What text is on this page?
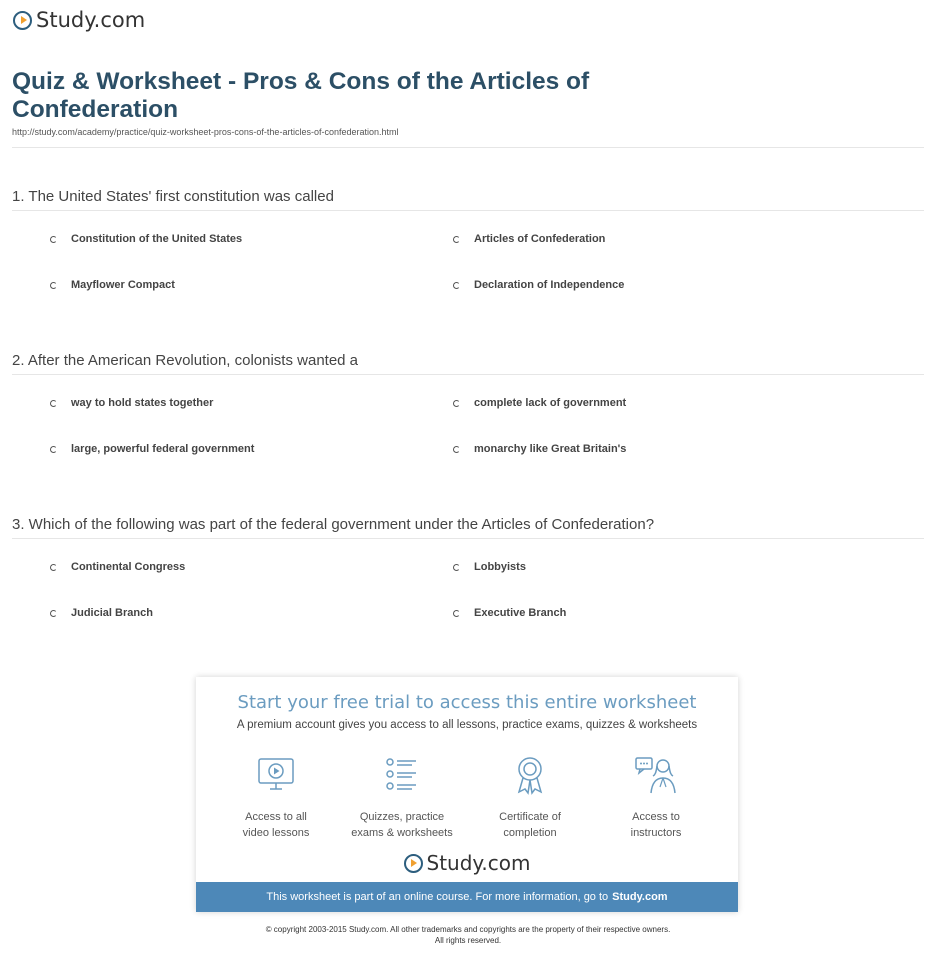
Study.com
Quiz & Worksheet - Pros & Cons of the Articles of Confederation
http://study.com/academy/practice/quiz-worksheet-pros-cons-of-the-articles-of-confederation.html
1. The United States' first constitution was called
Constitution of the United States	Articles of Confederation
Mayflower Compact	Declaration of Independence
2. After the American Revolution, colonists wanted a
way to hold states together	complete lack of government
large, powerful federal government	monarchy like Great Britain's
3. Which of the following was part of the federal government under the Articles of Confederation?
Continental Congress	Lobbyists
Judicial Branch	Executive Branch
Start your free trial to access this entire worksheet
A premium account gives you access to all lessons, practice exams, quizzes & worksheets
Access to all
video lessons
Quizzes, practice
exams & worksheets
Certificate of
completion
Access to
instructors
Study.com
This worksheet is part of an online course. For more information, go to Study.com
© copyright 2003-2015 Study.com. All other trademarks and copyrights are the property of their respective owners.
All rights reserved.
